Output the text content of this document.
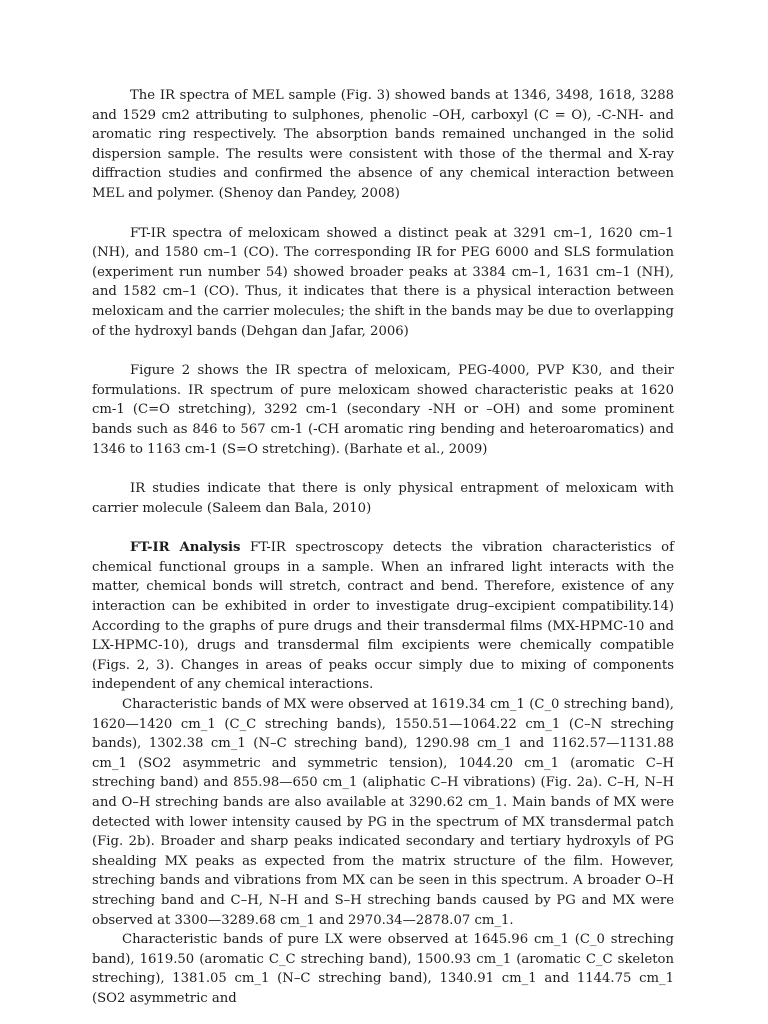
The IR spectra of MEL sample (Fig. 3) showed bands at 1346, 3498, 1618, 3288 and 1529 cm2 attributing to sulphones, phenolic –OH, carboxyl (C = O), -C-NH- and aromatic ring respectively. The absorption bands remained unchanged in the solid dispersion sample. The results were consistent with those of the thermal and X-ray diffraction studies and confirmed the absence of any chemical interaction between MEL and polymer. (Shenoy dan Pandey, 2008)

FT-IR spectra of meloxicam showed a distinct peak at 3291 cm–1, 1620 cm–1 (NH), and 1580 cm–1 (CO). The corresponding IR for PEG 6000 and SLS formulation (experiment run number 54) showed broader peaks at 3384 cm–1, 1631 cm–1 (NH), and 1582 cm–1 (CO). Thus, it indicates that there is a physical interaction between meloxicam and the carrier molecules; the shift in the bands may be due to overlapping of the hydroxyl bands (Dehgan dan Jafar, 2006)

Figure 2 shows the IR spectra of meloxicam, PEG-4000, PVP K30, and their formulations. IR spectrum of pure meloxicam showed characteristic peaks at 1620 cm-1 (C=O stretching), 3292 cm-1 (secondary -NH or –OH) and some prominent bands such as 846 to 567 cm-1 (-CH aromatic ring bending and heteroaromatics) and 1346 to 1163 cm-1 (S=O stretching). (Barhate et al., 2009)

IR studies indicate that there is only physical entrapment of meloxicam with carrier molecule (Saleem dan Bala, 2010)

FT-IR Analysis FT-IR spectroscopy detects the vibration characteristics of chemical functional groups in a sample. When an infrared light interacts with the matter, chemical bonds will stretch, contract and bend. Therefore, existence of any interaction can be exhibited in order to investigate drug–excipient compatibility.14) According to the graphs of pure drugs and their transdermal films (MX-HPMC-10 and LX-HPMC-10), drugs and transdermal film excipients were chemically compatible (Figs. 2, 3). Changes in areas of peaks occur simply due to mixing of components independent of any chemical interactions.

Characteristic bands of MX were observed at 1619.34 cm_1 (C_0 streching band), 1620—1420 cm_1 (C_C streching bands), 1550.51—1064.22 cm_1 (C–N streching bands), 1302.38 cm_1 (N–C streching band), 1290.98 cm_1 and 1162.57—1131.88 cm_1 (SO2 asymmetric and symmetric tension), 1044.20 cm_1 (aromatic C–H streching band) and 855.98—650 cm_1 (aliphatic C–H vibrations) (Fig. 2a). C–H, N–H and O–H streching bands are also available at 3290.62 cm_1. Main bands of MX were detected with lower intensity caused by PG in the spectrum of MX transdermal patch (Fig. 2b). Broader and sharp peaks indicated secondary and tertiary hydroxyls of PG shealding MX peaks as expected from the matrix structure of the film. However, streching bands and vibrations from MX can be seen in this spectrum. A broader O–H streching band and C–H, N–H and S–H streching bands caused by PG and MX were observed at 3300—3289.68 cm_1 and 2970.34—2878.07 cm_1.

Characteristic bands of pure LX were observed at 1645.96 cm_1 (C_0 streching band), 1619.50 (aromatic C_C streching band), 1500.93 cm_1 (aromatic C_C skeleton streching), 1381.05 cm_1 (N–C streching band), 1340.91 cm_1 and 1144.75 cm_1 (SO2 asymmetric and
